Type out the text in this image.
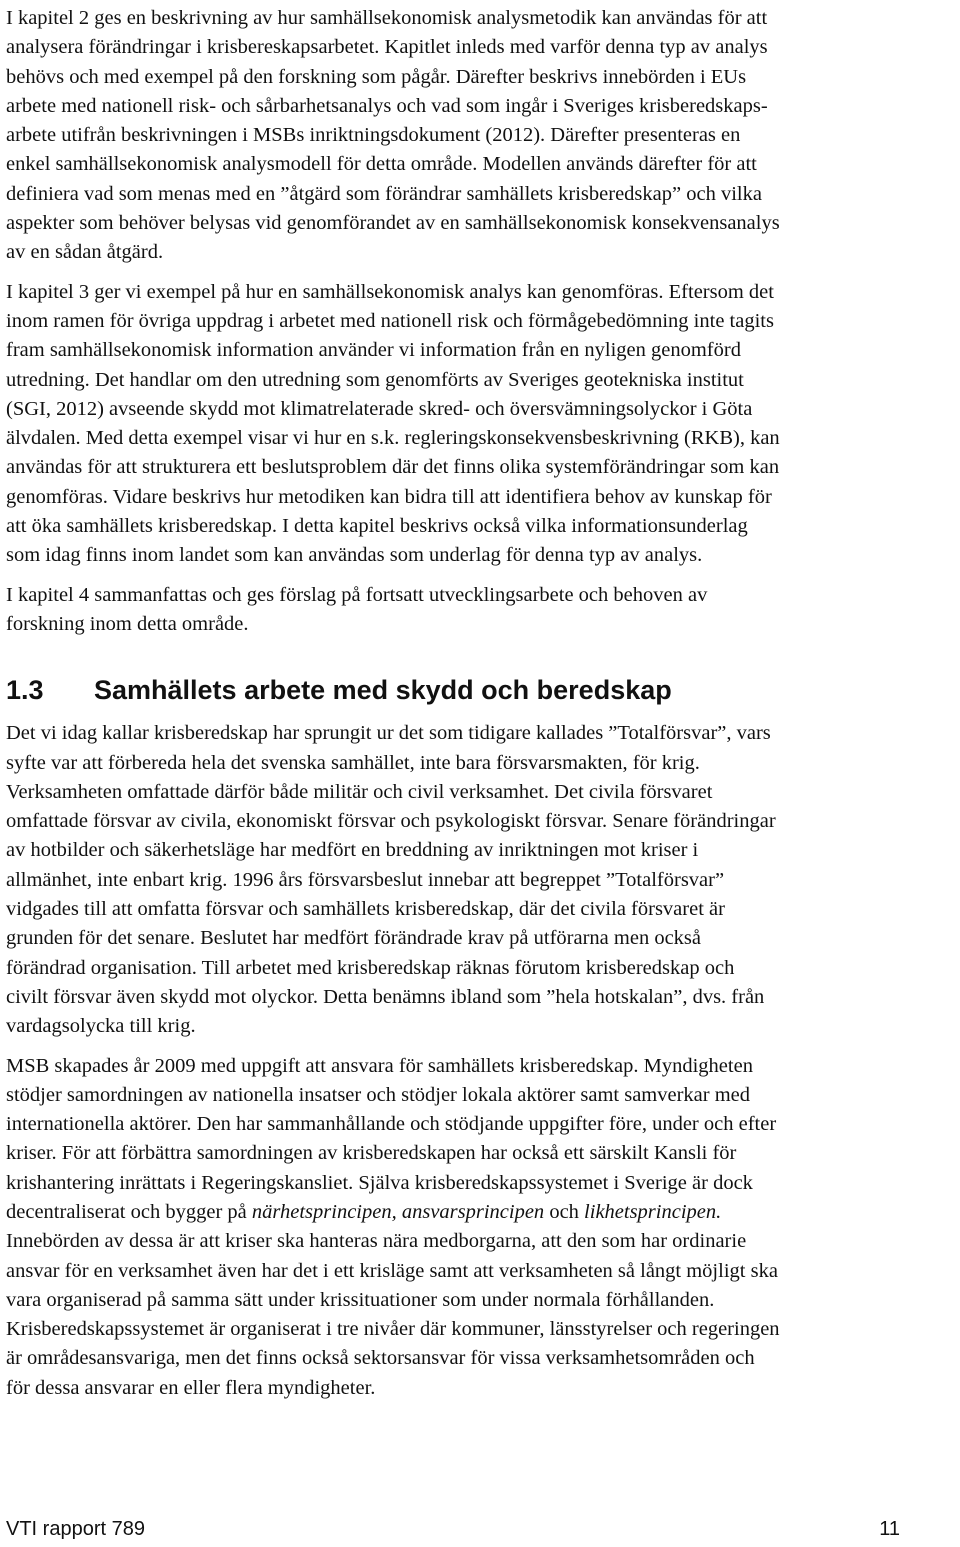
I kapitel 2 ges en beskrivning av hur samhällsekonomisk analysmetodik kan användas för att
analysera förändringar i krisbereskapsarbetet. Kapitlet inleds med varför denna typ av analys
behövs och med exempel på den forskning som pågår. Därefter beskrivs innebörden i EUs
arbete med nationell risk- och sårbarhetsanalys och vad som ingår i Sveriges krisberedskaps-
arbete utifrån beskrivningen i MSBs inriktningsdokument (2012). Därefter presenteras en
enkel samhällsekonomisk analysmodell för detta område. Modellen används därefter för att
definiera vad som menas med en ”åtgärd som förändrar samhällets krisberedskap” och vilka
aspekter som behöver belysas vid genomförandet av en samhällsekonomisk konsekvensanalys
av en sådan åtgärd.

I kapitel 3 ger vi exempel på hur en samhällsekonomisk analys kan genomföras. Eftersom det
inom ramen för övriga uppdrag i arbetet med nationell risk och förmågebedömning inte tagits
fram samhällsekonomisk information använder vi information från en nyligen genomförd
utredning. Det handlar om den utredning som genomförts av Sveriges geotekniska institut
(SGI, 2012) avseende skydd mot klimatrelaterade skred- och översvämningsolyckor i Göta
älvdalen. Med detta exempel visar vi hur en s.k. regleringskonsekvensbeskrivning (RKB), kan
användas för att strukturera ett beslutsproblem där det finns olika systemförändringar som kan
genomföras. Vidare beskrivs hur metodiken kan bidra till att identifiera behov av kunskap för
att öka samhällets krisberedskap. I detta kapitel beskrivs också vilka informationsunderlag
som idag finns inom landet som kan användas som underlag för denna typ av analys.

I kapitel 4 sammanfattas och ges förslag på fortsatt utvecklingsarbete och behoven av
forskning inom detta område.

1.3 Samhällets arbete med skydd och beredskap

Det vi idag kallar krisberedskap har sprungit ur det som tidigare kallades ”Totalförsvar”, vars
syfte var att förbereda hela det svenska samhället, inte bara försvarsmakten, för krig.
Verksamheten omfattade därför både militär och civil verksamhet. Det civila försvaret
omfattade försvar av civila, ekonomiskt försvar och psykologiskt försvar. Senare förändringar
av hotbilder och säkerhetsläge har medfört en breddning av inriktningen mot kriser i
allmänhet, inte enbart krig. 1996 års försvarsbeslut innebar att begreppet ”Totalförsvar”
vidgades till att omfatta försvar och samhällets krisberedskap, där det civila försvaret är
grunden för det senare. Beslutet har medfört förändrade krav på utförarna men också
förändrad organisation. Till arbetet med krisberedskap räknas förutom krisberedskap och
civilt försvar även skydd mot olyckor. Detta benämns ibland som ”hela hotskalan”, dvs. från
vardagsolycka till krig.

MSB skapades år 2009 med uppgift att ansvara för samhällets krisberedskap. Myndigheten
stödjer samordningen av nationella insatser och stödjer lokala aktörer samt samverkar med
internationella aktörer. Den har sammanhållande och stödjande uppgifter före, under och efter
kriser. För att förbättra samordningen av krisberedskapen har också ett särskilt Kansli för
krishantering inrättats i Regeringskansliet. Själva krisberedskapssystemet i Sverige är dock
decentraliserat och bygger på närhetsprincipen, ansvarsprincipen och likhetsprincipen.
Innebörden av dessa är att kriser ska hanteras nära medborgarna, att den som har ordinarie
ansvar för en verksamhet även har det i ett krisläge samt att verksamheten så långt möjligt ska
vara organiserad på samma sätt under krissituationer som under normala förhållanden.
Krisberedskapssystemet är organiserat i tre nivåer där kommuner, länsstyrelser och regeringen
är områdesansvariga, men det finns också sektorsansvar för vissa verksamhetsområden och
för dessa ansvarar en eller flera myndigheter.

VTI rapport 789	11
